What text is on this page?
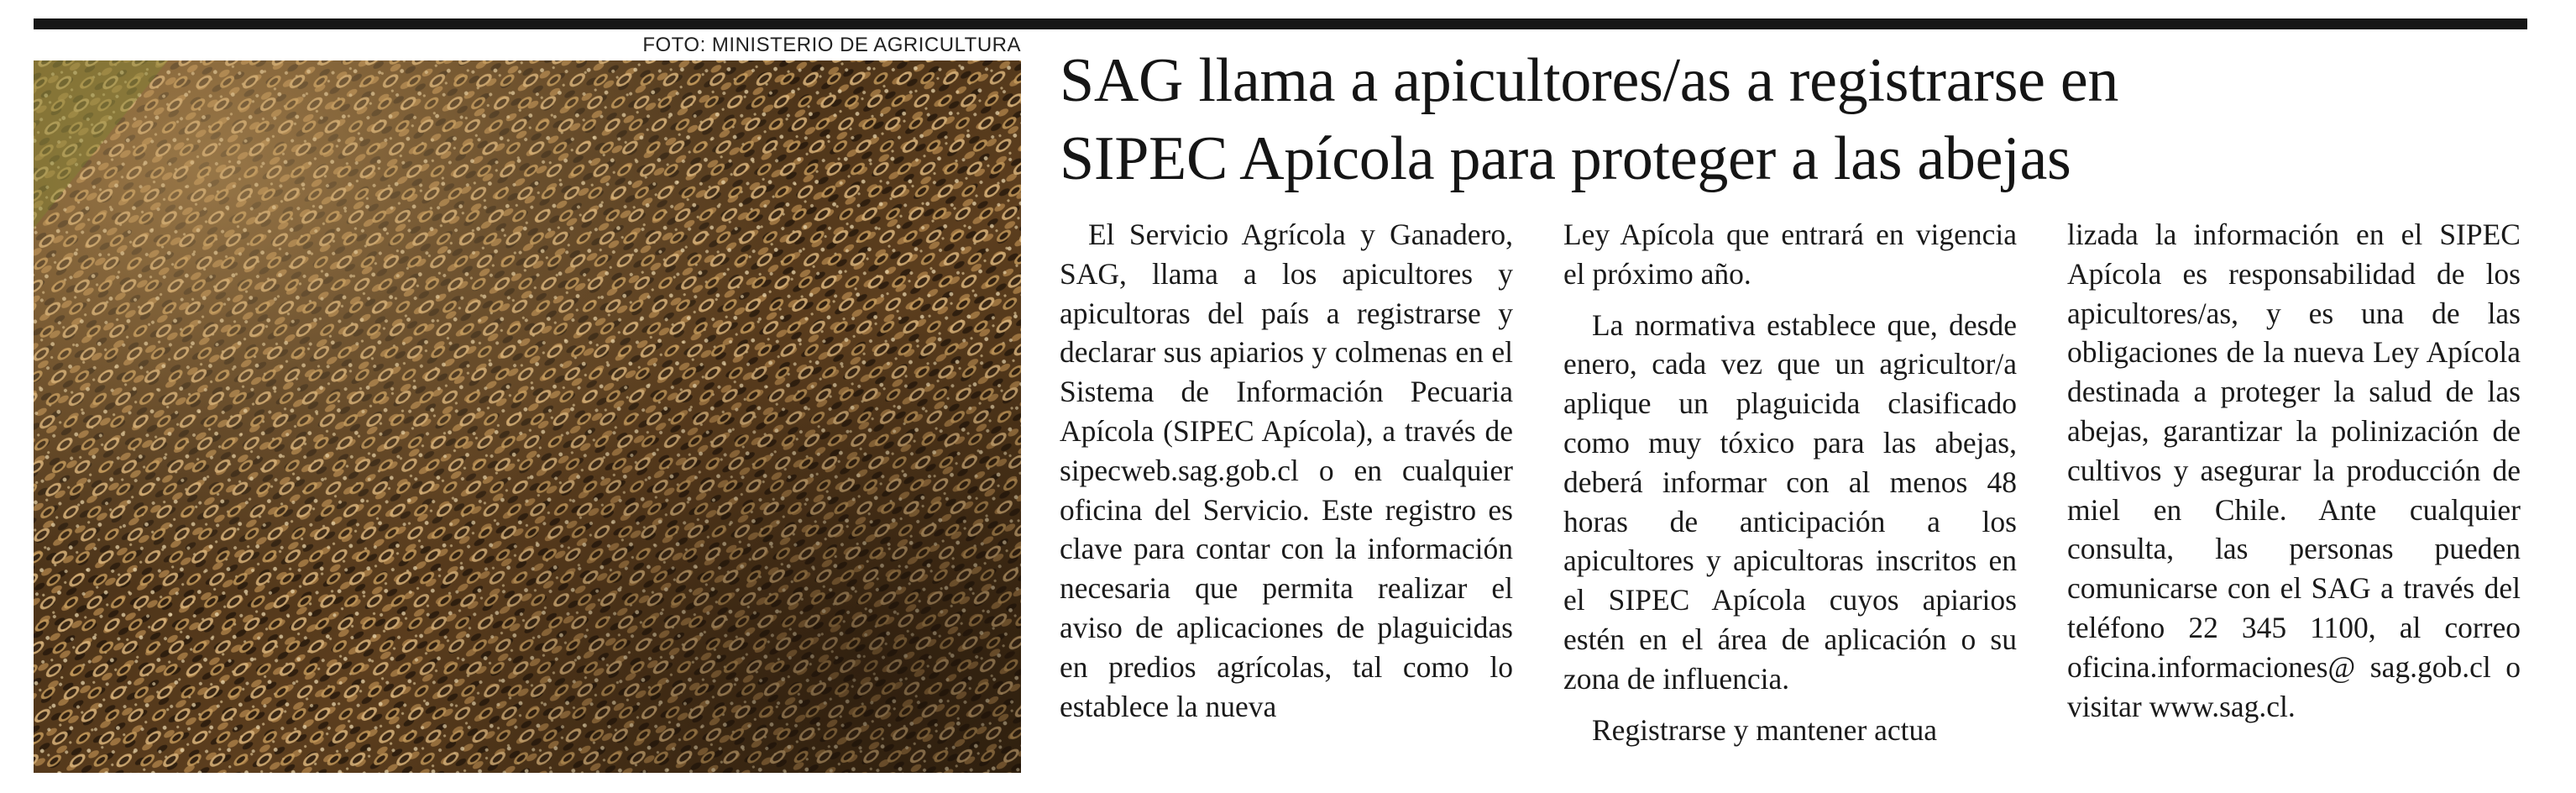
FOTO: MINISTERIO DE AGRICULTURA
SAG llama a apicultores/as a registrarse en
SIPEC Apícola para proteger a las abejas

El Servicio Agrícola y Ganadero, SAG, llama a los apicultores y apicultoras del país a registrarse y declarar sus apiarios y colmenas en el Sistema de Información Pecuaria Apícola (SIPEC Apícola), a través de sipecweb.sag.gob.cl o en cualquier oficina del Servicio. Este registro es clave para contar con la información necesaria que permita realizar el aviso de aplicaciones de plaguicidas en predios agrícolas, tal como lo establece la nueva

Ley Apícola que entrará en vigencia el próximo año.

La normativa establece que, desde enero, cada vez que un agricultor/a aplique un plaguicida clasificado como muy tóxico para las abejas, deberá informar con al menos 48 horas de anticipación a los apicultores y apicultoras inscritos en el SIPEC Apícola cuyos apiarios estén en el área de aplicación o su zona de influencia.

Registrarse y mantener actua

lizada la información en el SIPEC Apícola es responsabilidad de los apicultores/as, y es una de las obligaciones de la nueva Ley Apícola destinada a proteger la salud de las abejas, garantizar la polinización de cultivos y asegurar la producción de miel en Chile. Ante cualquier consulta, las personas pueden comunicarse con el SAG a través del teléfono 22 345 1100, al correo oficina.informaciones@ sag.gob.cl o visitar www.sag.cl.
